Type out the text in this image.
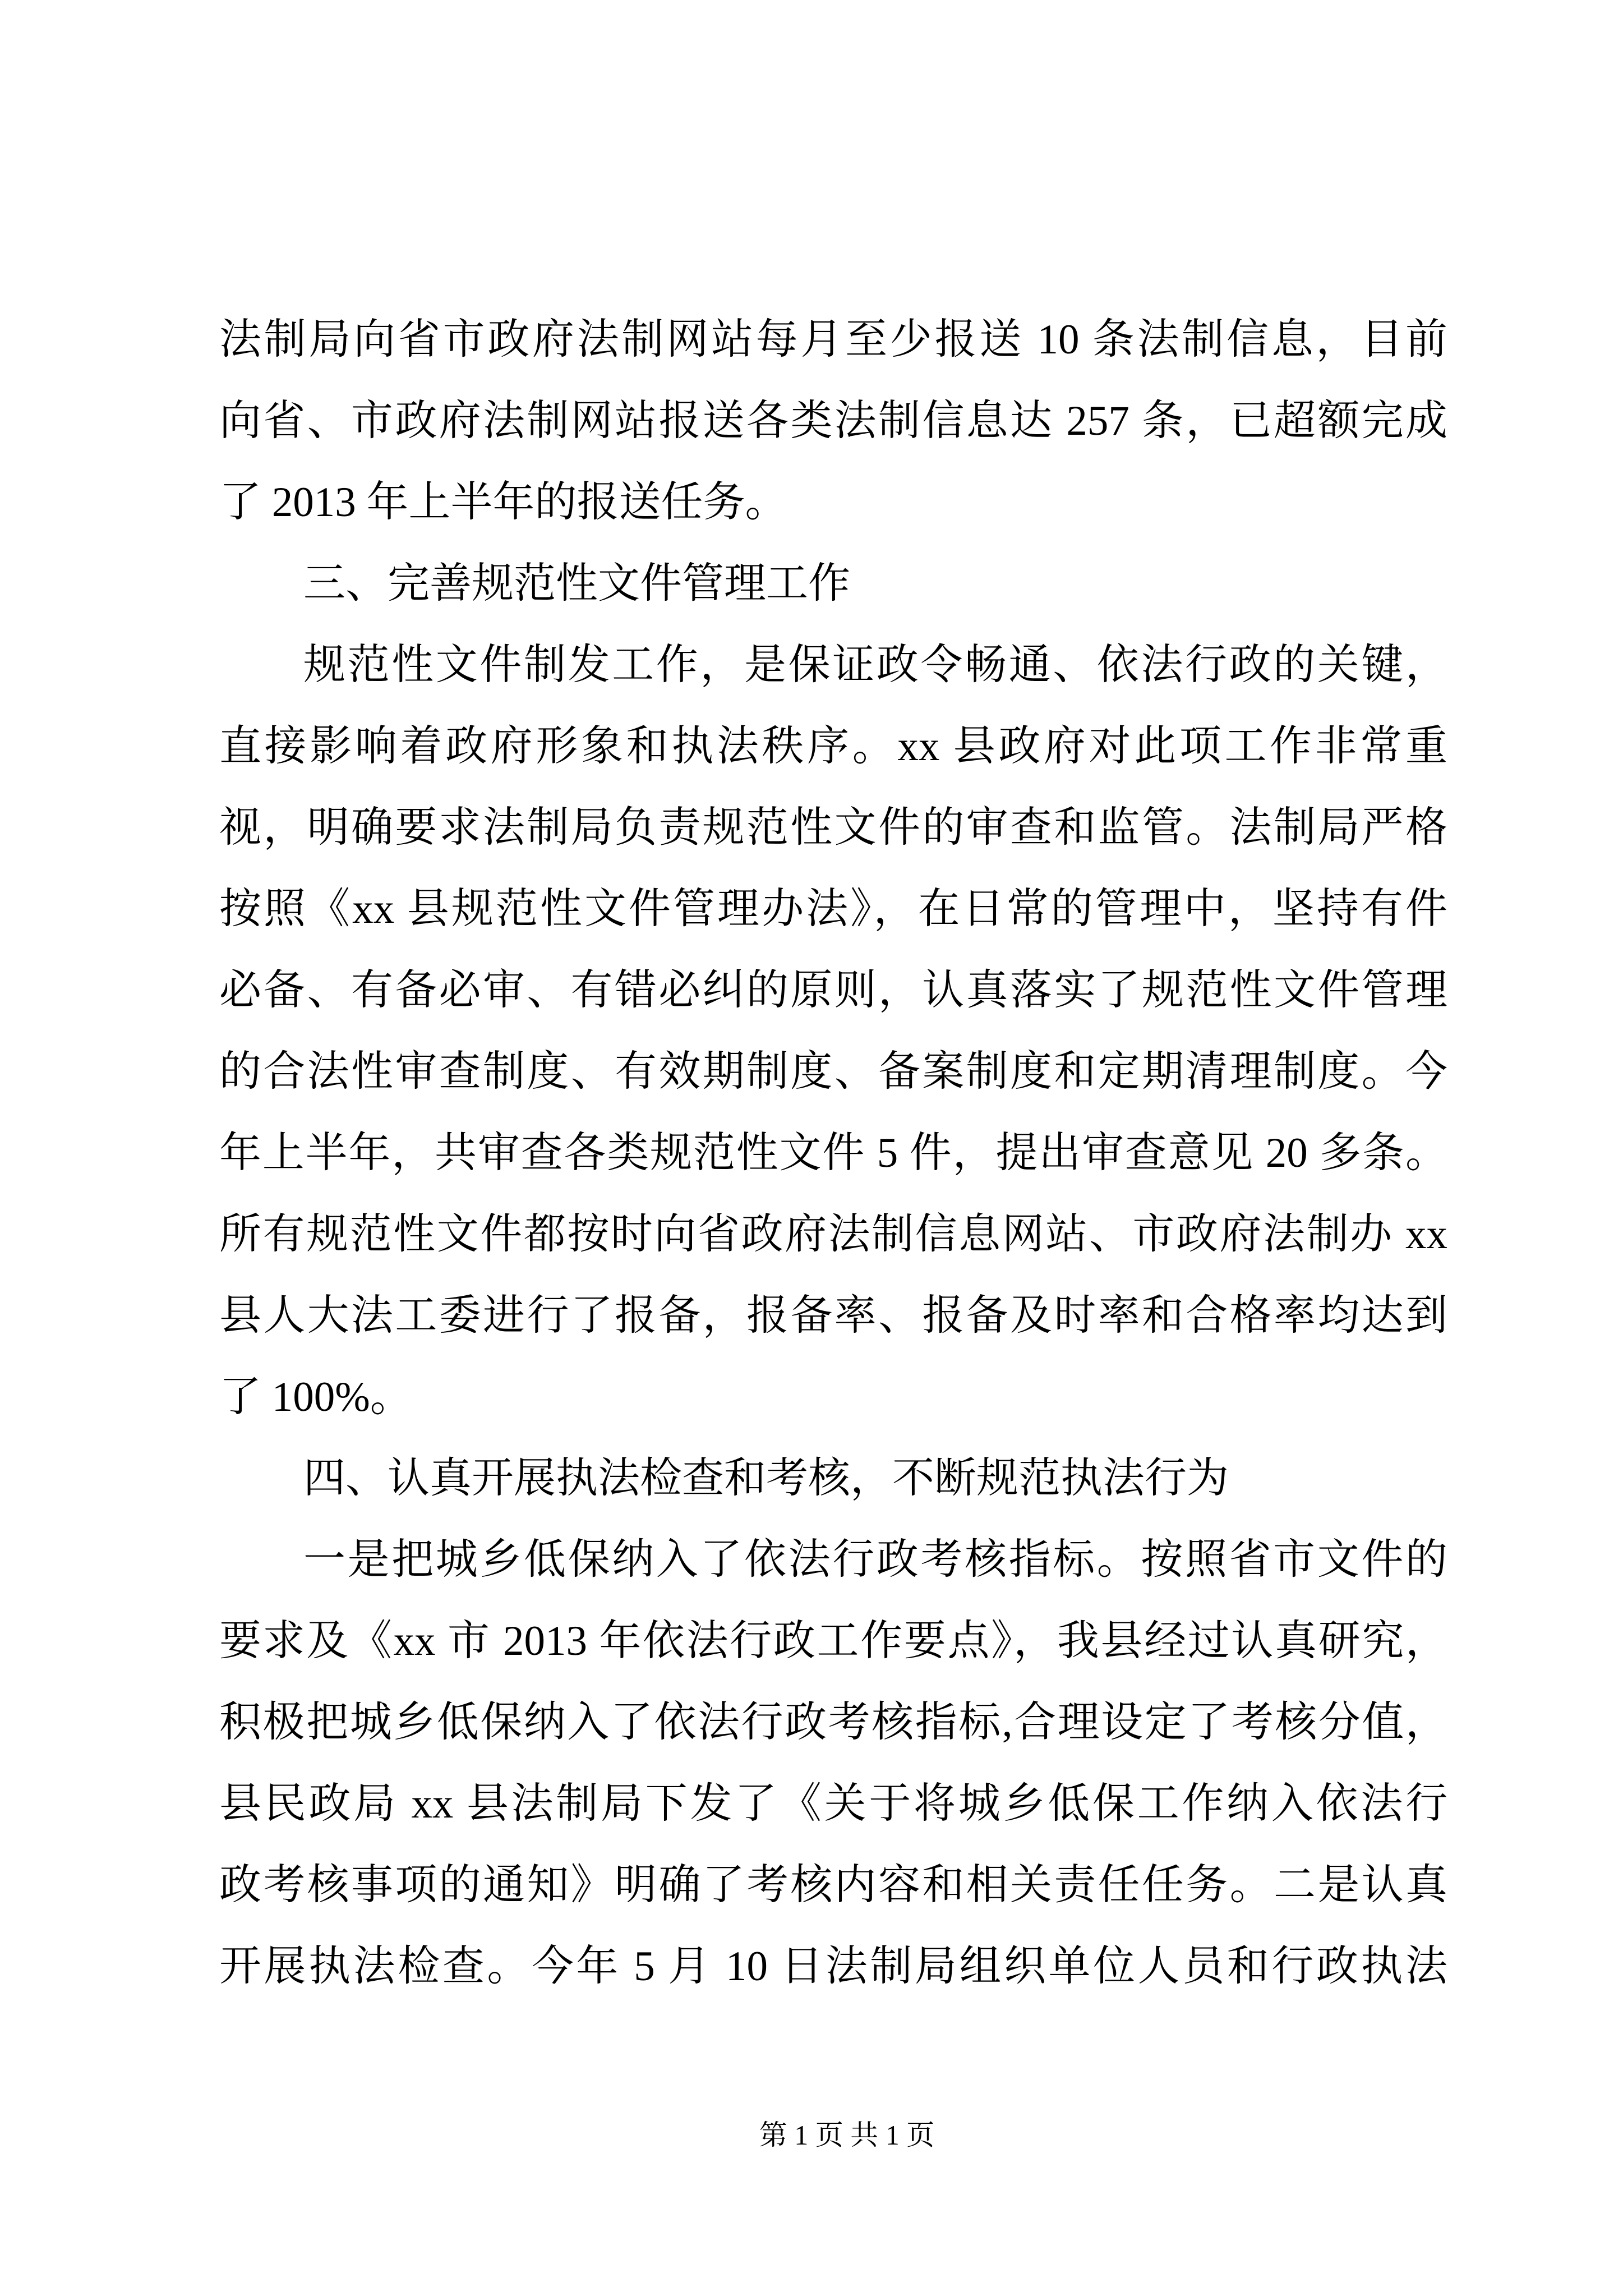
法制局向省市政府法制网站每月至少报送 10 条法制信息，目前
向省、市政府法制网站报送各类法制信息达 257 条，已超额完成
了 2013 年上半年的报送任务。
三、完善规范性文件管理工作
规范性文件制发工作，是保证政令畅通、依法行政的关键，
直接影响着政府形象和执法秩序。xx 县政府对此项工作非常重
视，明确要求法制局负责规范性文件的审查和监管。法制局严格
按照《xx 县规范性文件管理办法》，在日常的管理中，坚持有件
必备、有备必审、有错必纠的原则，认真落实了规范性文件管理
的合法性审查制度、有效期制度、备案制度和定期清理制度。今
年上半年，共审查各类规范性文件 5 件，提出审查意见 20 多条。
所有规范性文件都按时向省政府法制信息网站、市政府法制办 xx
县人大法工委进行了报备，报备率、报备及时率和合格率均达到
了 100%。
四、认真开展执法检查和考核，不断规范执法行为
一是把城乡低保纳入了依法行政考核指标。按照省市文件的
要求及《xx 市 2013 年依法行政工作要点》，我县经过认真研究，
积极把城乡低保纳入了依法行政考核指标,合理设定了考核分值，
县民政局 xx 县法制局下发了《关于将城乡低保工作纳入依法行
政考核事项的通知》明确了考核内容和相关责任任务。二是认真
开展执法检查。今年 5 月 10 日法制局组织单位人员和行政执法
第 1 页 共 1 页
